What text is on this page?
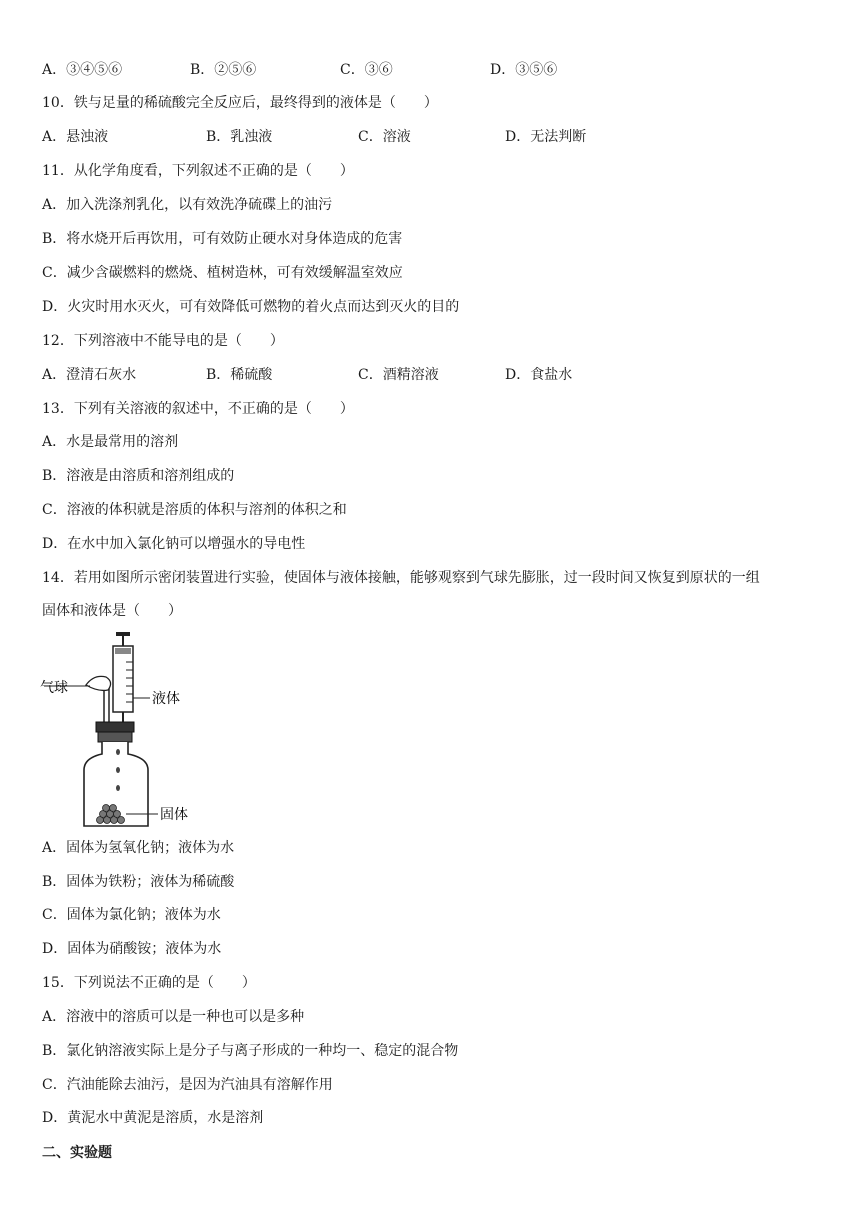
A．③④⑤⑥	B．②⑤⑥	C．③⑥	D．③⑤⑥
10．铁与足量的稀硫酸完全反应后，最终得到的液体是（　　）
A．悬浊液	B．乳浊液	C．溶液	D．无法判断
11．从化学角度看，下列叙述不正确的是（　　）
A．加入洗涤剂乳化，以有效洗净硫碟上的油污
B．将水烧开后再饮用，可有效防止硬水对身体造成的危害
C．减少含碳燃料的燃烧、植树造林，可有效缓解温室效应
D．火灾时用水灭火，可有效降低可燃物的着火点而达到灭火的目的
12．下列溶液中不能导电的是（　　）
A．澄清石灰水	B．稀硫酸	C．酒精溶液	D．食盐水
13．下列有关溶液的叙述中，不正确的是（　　）
A．水是最常用的溶剂
B．溶液是由溶质和溶剂组成的
C．溶液的体积就是溶质的体积与溶剂的体积之和
D．在水中加入氯化钠可以增强水的导电性
14．若用如图所示密闭装置进行实验，使固体与液体接触，能够观察到气球先膨胀，过一段时间又恢复到原状的一组
固体和液体是（　　）
气球
液体
固体
A．固体为氢氧化钠；液体为水
B．固体为铁粉；液体为稀硫酸
C．固体为氯化钠；液体为水
D．固体为硝酸铵；液体为水
15．下列说法不正确的是（　　）
A．溶液中的溶质可以是一种也可以是多种
B．氯化钠溶液实际上是分子与离子形成的一种均一、稳定的混合物
C．汽油能除去油污，是因为汽油具有溶解作用
D．黄泥水中黄泥是溶质，水是溶剂
二、实验题
